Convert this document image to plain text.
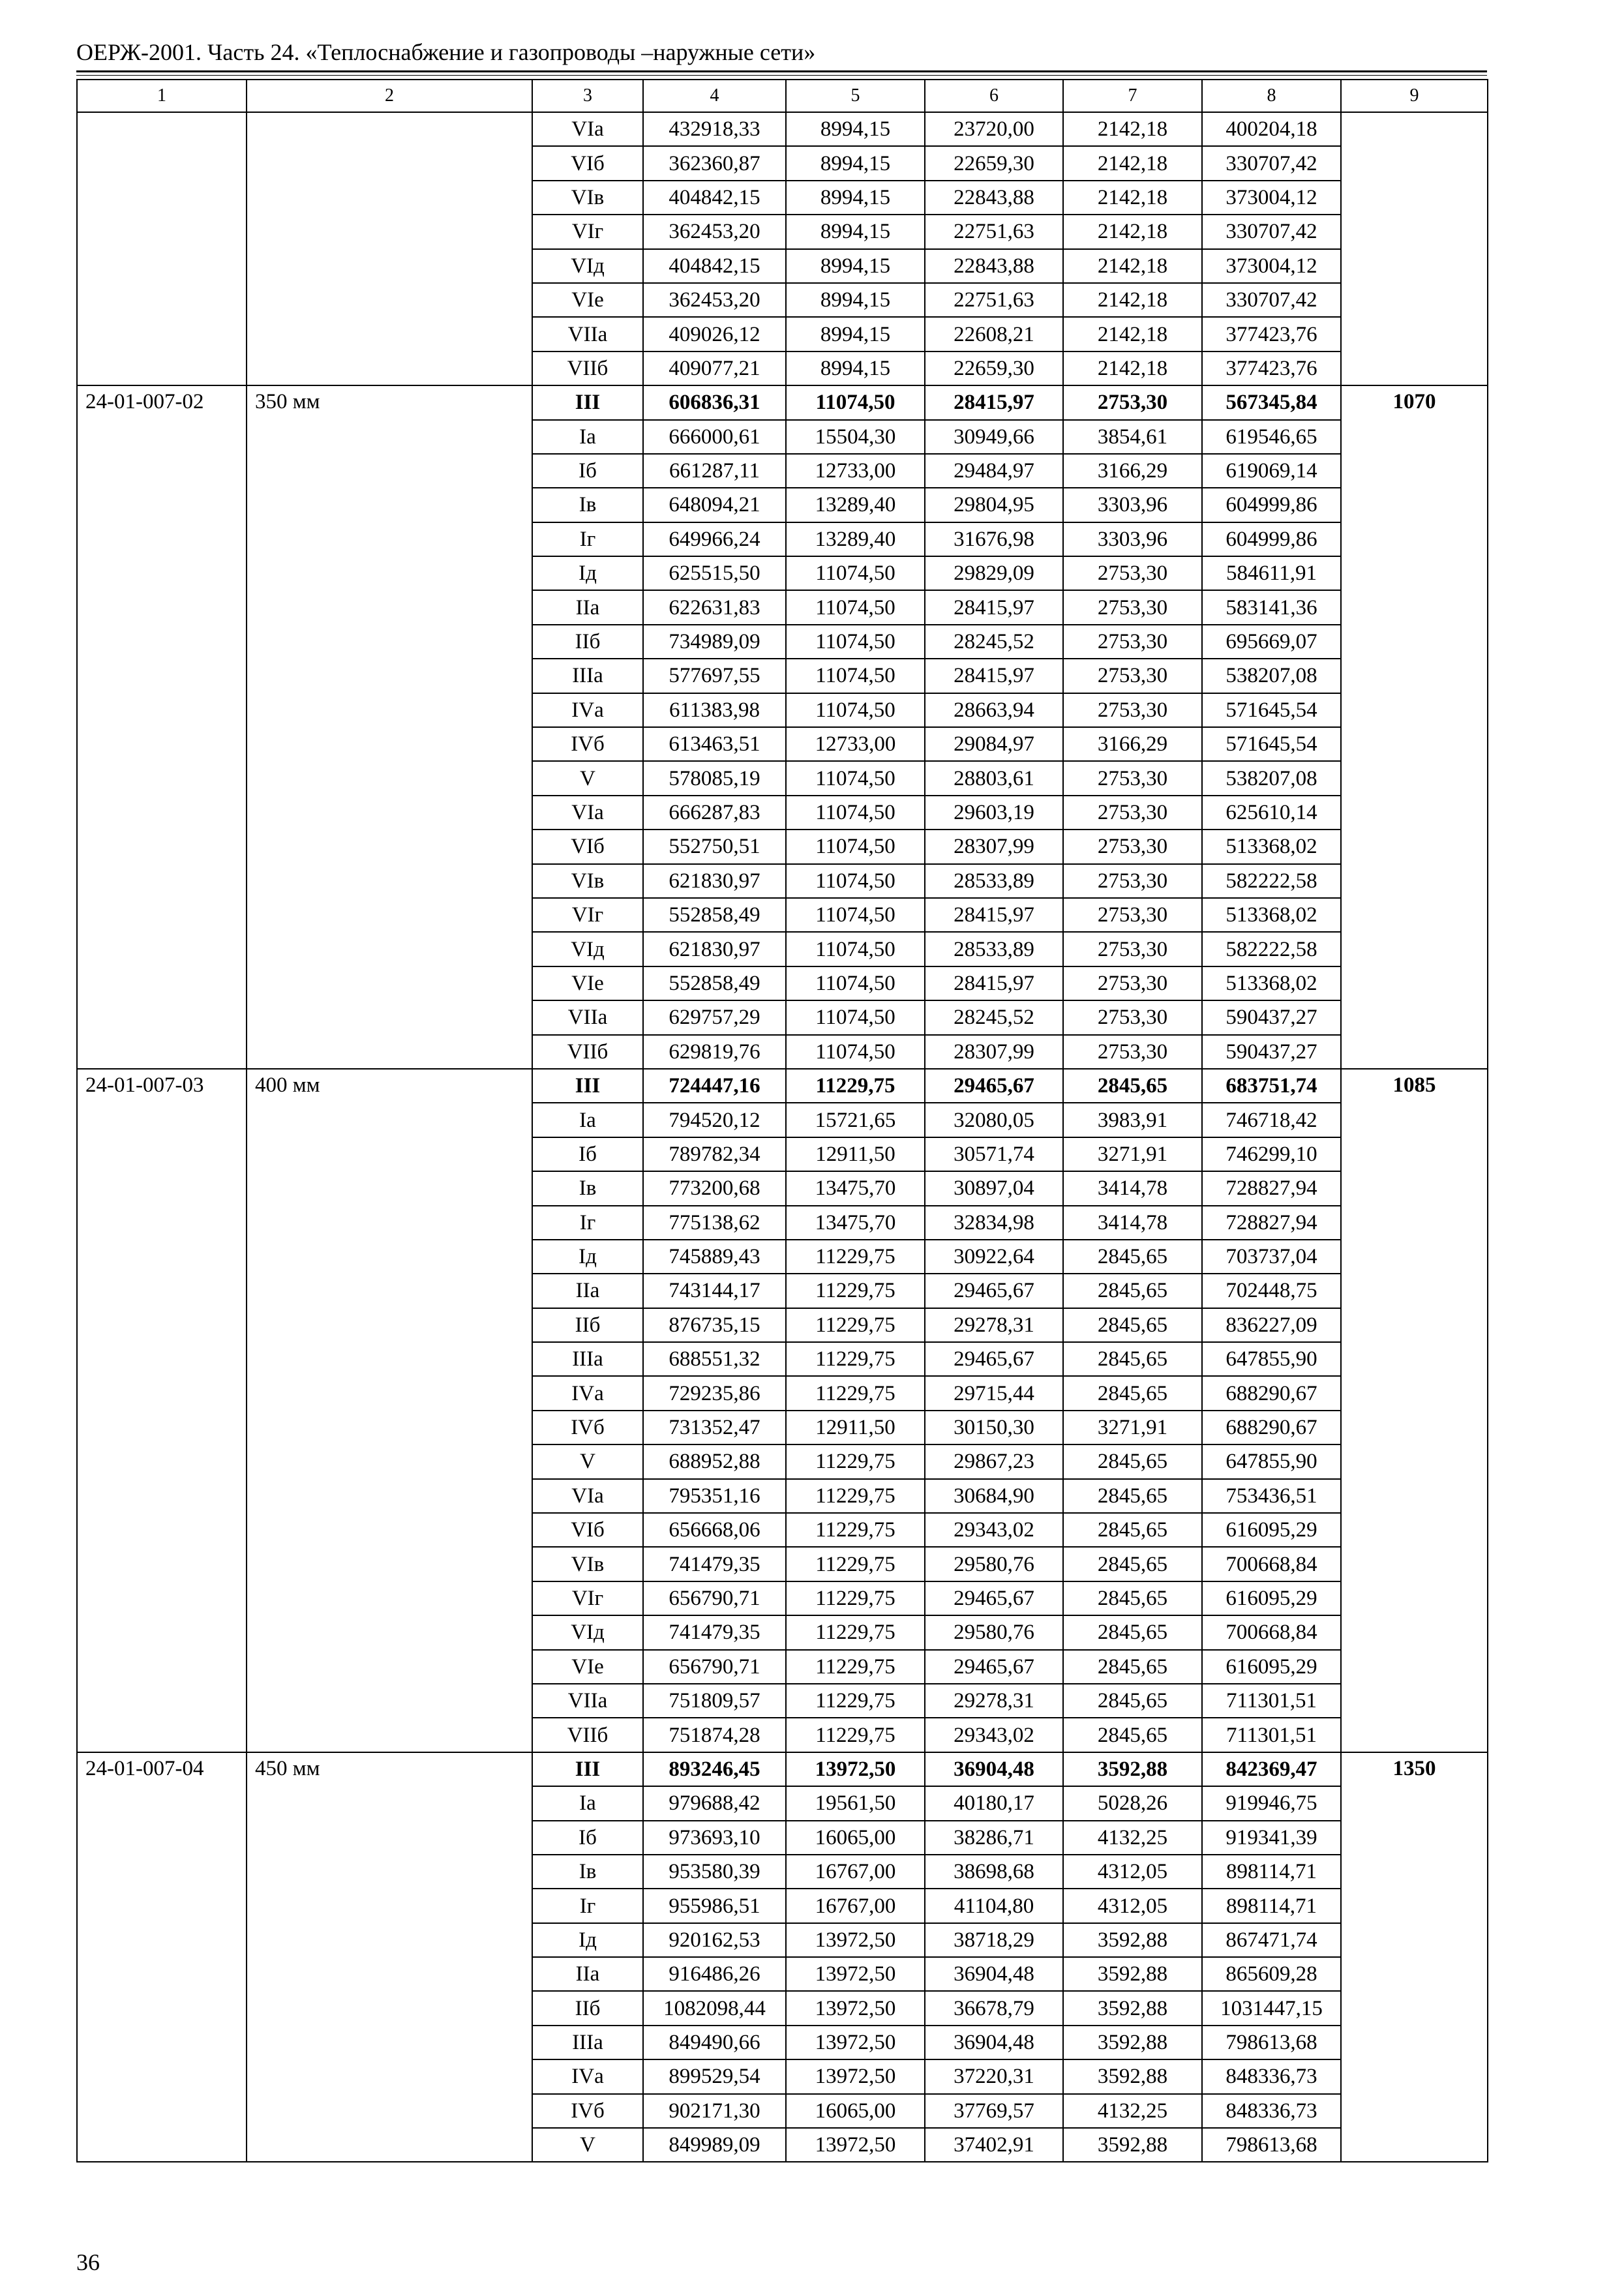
ОЕРЖ-2001. Часть 24. «Теплоснабжение и газопроводы –наружные сети»
1	2	3	4	5	6	7	8	9
		VIа	432918,33	8994,15	23720,00	2142,18	400204,18	
		VIб	362360,87	8994,15	22659,30	2142,18	330707,42	
		VIв	404842,15	8994,15	22843,88	2142,18	373004,12	
		VIг	362453,20	8994,15	22751,63	2142,18	330707,42	
		VIд	404842,15	8994,15	22843,88	2142,18	373004,12	
		VIе	362453,20	8994,15	22751,63	2142,18	330707,42	
		VIIа	409026,12	8994,15	22608,21	2142,18	377423,76	
		VIIб	409077,21	8994,15	22659,30	2142,18	377423,76	
24-01-007-02	350 мм	III	606836,31	11074,50	28415,97	2753,30	567345,84	1070
		Iа	666000,61	15504,30	30949,66	3854,61	619546,65	
		Iб	661287,11	12733,00	29484,97	3166,29	619069,14	
		Iв	648094,21	13289,40	29804,95	3303,96	604999,86	
		Iг	649966,24	13289,40	31676,98	3303,96	604999,86	
		Iд	625515,50	11074,50	29829,09	2753,30	584611,91	
		IIа	622631,83	11074,50	28415,97	2753,30	583141,36	
		IIб	734989,09	11074,50	28245,52	2753,30	695669,07	
		IIIа	577697,55	11074,50	28415,97	2753,30	538207,08	
		IVа	611383,98	11074,50	28663,94	2753,30	571645,54	
		IVб	613463,51	12733,00	29084,97	3166,29	571645,54	
		V	578085,19	11074,50	28803,61	2753,30	538207,08	
		VIа	666287,83	11074,50	29603,19	2753,30	625610,14	
		VIб	552750,51	11074,50	28307,99	2753,30	513368,02	
		VIв	621830,97	11074,50	28533,89	2753,30	582222,58	
		VIг	552858,49	11074,50	28415,97	2753,30	513368,02	
		VIд	621830,97	11074,50	28533,89	2753,30	582222,58	
		VIе	552858,49	11074,50	28415,97	2753,30	513368,02	
		VIIа	629757,29	11074,50	28245,52	2753,30	590437,27	
		VIIб	629819,76	11074,50	28307,99	2753,30	590437,27	
24-01-007-03	400 мм	III	724447,16	11229,75	29465,67	2845,65	683751,74	1085
		Iа	794520,12	15721,65	32080,05	3983,91	746718,42	
		Iб	789782,34	12911,50	30571,74	3271,91	746299,10	
		Iв	773200,68	13475,70	30897,04	3414,78	728827,94	
		Iг	775138,62	13475,70	32834,98	3414,78	728827,94	
		Iд	745889,43	11229,75	30922,64	2845,65	703737,04	
		IIа	743144,17	11229,75	29465,67	2845,65	702448,75	
		IIб	876735,15	11229,75	29278,31	2845,65	836227,09	
		IIIа	688551,32	11229,75	29465,67	2845,65	647855,90	
		IVа	729235,86	11229,75	29715,44	2845,65	688290,67	
		IVб	731352,47	12911,50	30150,30	3271,91	688290,67	
		V	688952,88	11229,75	29867,23	2845,65	647855,90	
		VIа	795351,16	11229,75	30684,90	2845,65	753436,51	
		VIб	656668,06	11229,75	29343,02	2845,65	616095,29	
		VIв	741479,35	11229,75	29580,76	2845,65	700668,84	
		VIг	656790,71	11229,75	29465,67	2845,65	616095,29	
		VIд	741479,35	11229,75	29580,76	2845,65	700668,84	
		VIе	656790,71	11229,75	29465,67	2845,65	616095,29	
		VIIа	751809,57	11229,75	29278,31	2845,65	711301,51	
		VIIб	751874,28	11229,75	29343,02	2845,65	711301,51	
24-01-007-04	450 мм	III	893246,45	13972,50	36904,48	3592,88	842369,47	1350
		Iа	979688,42	19561,50	40180,17	5028,26	919946,75	
		Iб	973693,10	16065,00	38286,71	4132,25	919341,39	
		Iв	953580,39	16767,00	38698,68	4312,05	898114,71	
		Iг	955986,51	16767,00	41104,80	4312,05	898114,71	
		Iд	920162,53	13972,50	38718,29	3592,88	867471,74	
		IIа	916486,26	13972,50	36904,48	3592,88	865609,28	
		IIб	1082098,44	13972,50	36678,79	3592,88	1031447,15	
		IIIа	849490,66	13972,50	36904,48	3592,88	798613,68	
		IVа	899529,54	13972,50	37220,31	3592,88	848336,73	
		IVб	902171,30	16065,00	37769,57	4132,25	848336,73	
		V	849989,09	13972,50	37402,91	3592,88	798613,68	
36
